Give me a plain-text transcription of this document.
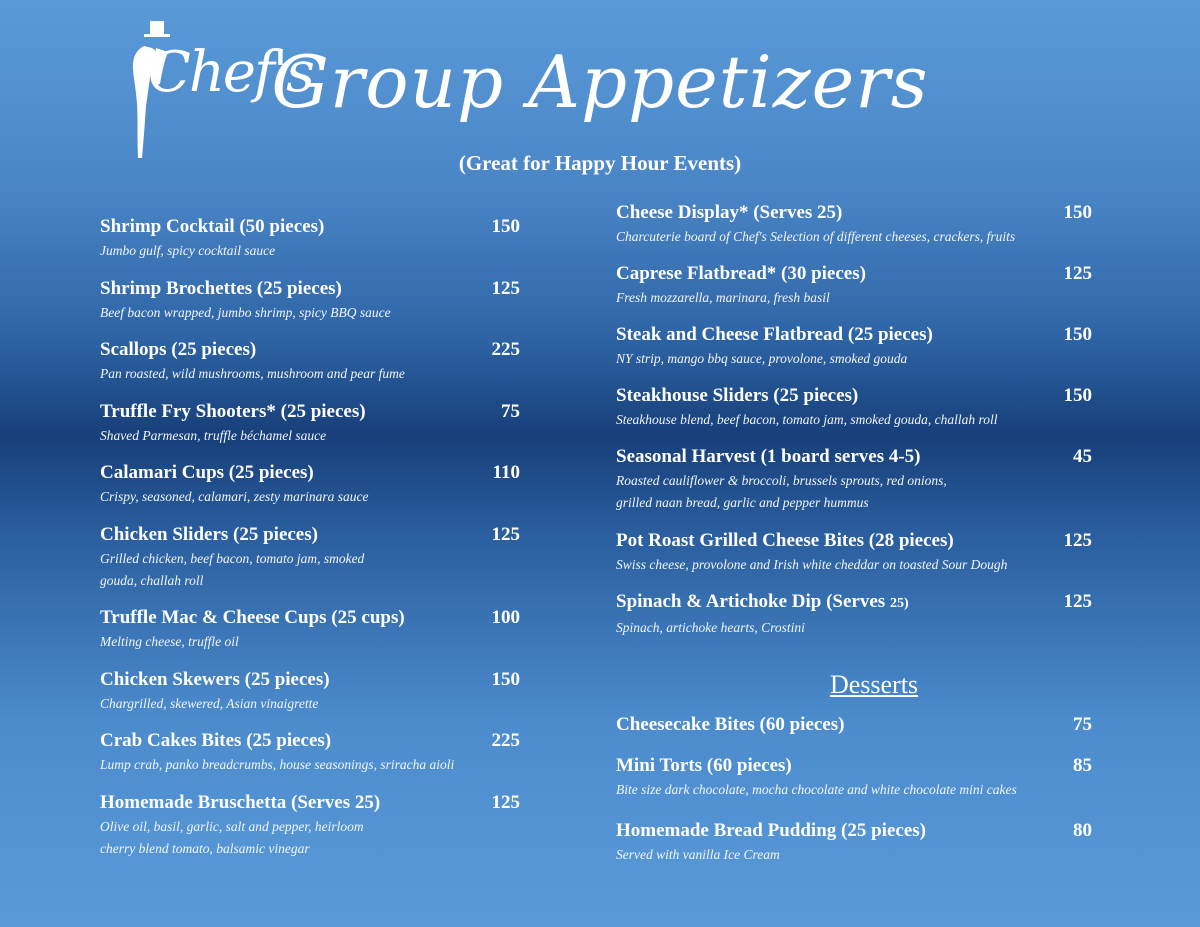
Chef's
Group Appetizers
(Great for Happy Hour Events)
Shrimp Cocktail (50 pieces)	150
Jumbo gulf, spicy cocktail sauce
Shrimp Brochettes (25 pieces)	125
Beef bacon wrapped, jumbo shrimp, spicy BBQ sauce
Scallops (25 pieces)	225
Pan roasted, wild mushrooms, mushroom and pear fume
Truffle Fry Shooters* (25 pieces)	75
Shaved Parmesan, truffle béchamel sauce
Calamari Cups (25 pieces)	110
Crispy, seasoned, calamari, zesty marinara sauce
Chicken Sliders (25 pieces)	125
Grilled chicken, beef bacon, tomato jam, smoked
gouda, challah roll
Truffle Mac & Cheese Cups (25 cups)	100
Melting cheese, truffle oil
Chicken Skewers (25 pieces)	150
Chargrilled, skewered, Asian vinaigrette
Crab Cakes Bites (25 pieces)	225
Lump crab, panko breadcrumbs, house seasonings, sriracha aioli
Homemade Bruschetta (Serves 25)	125
Olive oil, basil, garlic, salt and pepper, heirloom
cherry blend tomato, balsamic vinegar
Cheese Display* (Serves 25)	150
Charcuterie board of Chef's Selection of different cheeses, crackers, fruits
Caprese Flatbread* (30 pieces)	125
Fresh mozzarella, marinara, fresh basil
Steak and Cheese Flatbread (25 pieces)	150
NY strip, mango bbq sauce, provolone, smoked gouda
Steakhouse Sliders (25 pieces)	150
Steakhouse blend, beef bacon, tomato jam, smoked gouda, challah roll
Seasonal Harvest (1 board serves 4-5)	45
Roasted cauliflower & broccoli, brussels sprouts, red onions,
grilled naan bread, garlic and pepper hummus
Pot Roast Grilled Cheese Bites (28 pieces)	125
Swiss cheese, provolone and Irish white cheddar on toasted Sour Dough
Spinach & Artichoke Dip (Serves 25)	125
Spinach, artichoke hearts, Crostini
Desserts
Cheesecake Bites (60 pieces)	75
Mini Torts (60 pieces)	85
Bite size dark chocolate, mocha chocolate and white chocolate mini cakes
Homemade Bread Pudding (25 pieces)	80
Served with vanilla Ice Cream
